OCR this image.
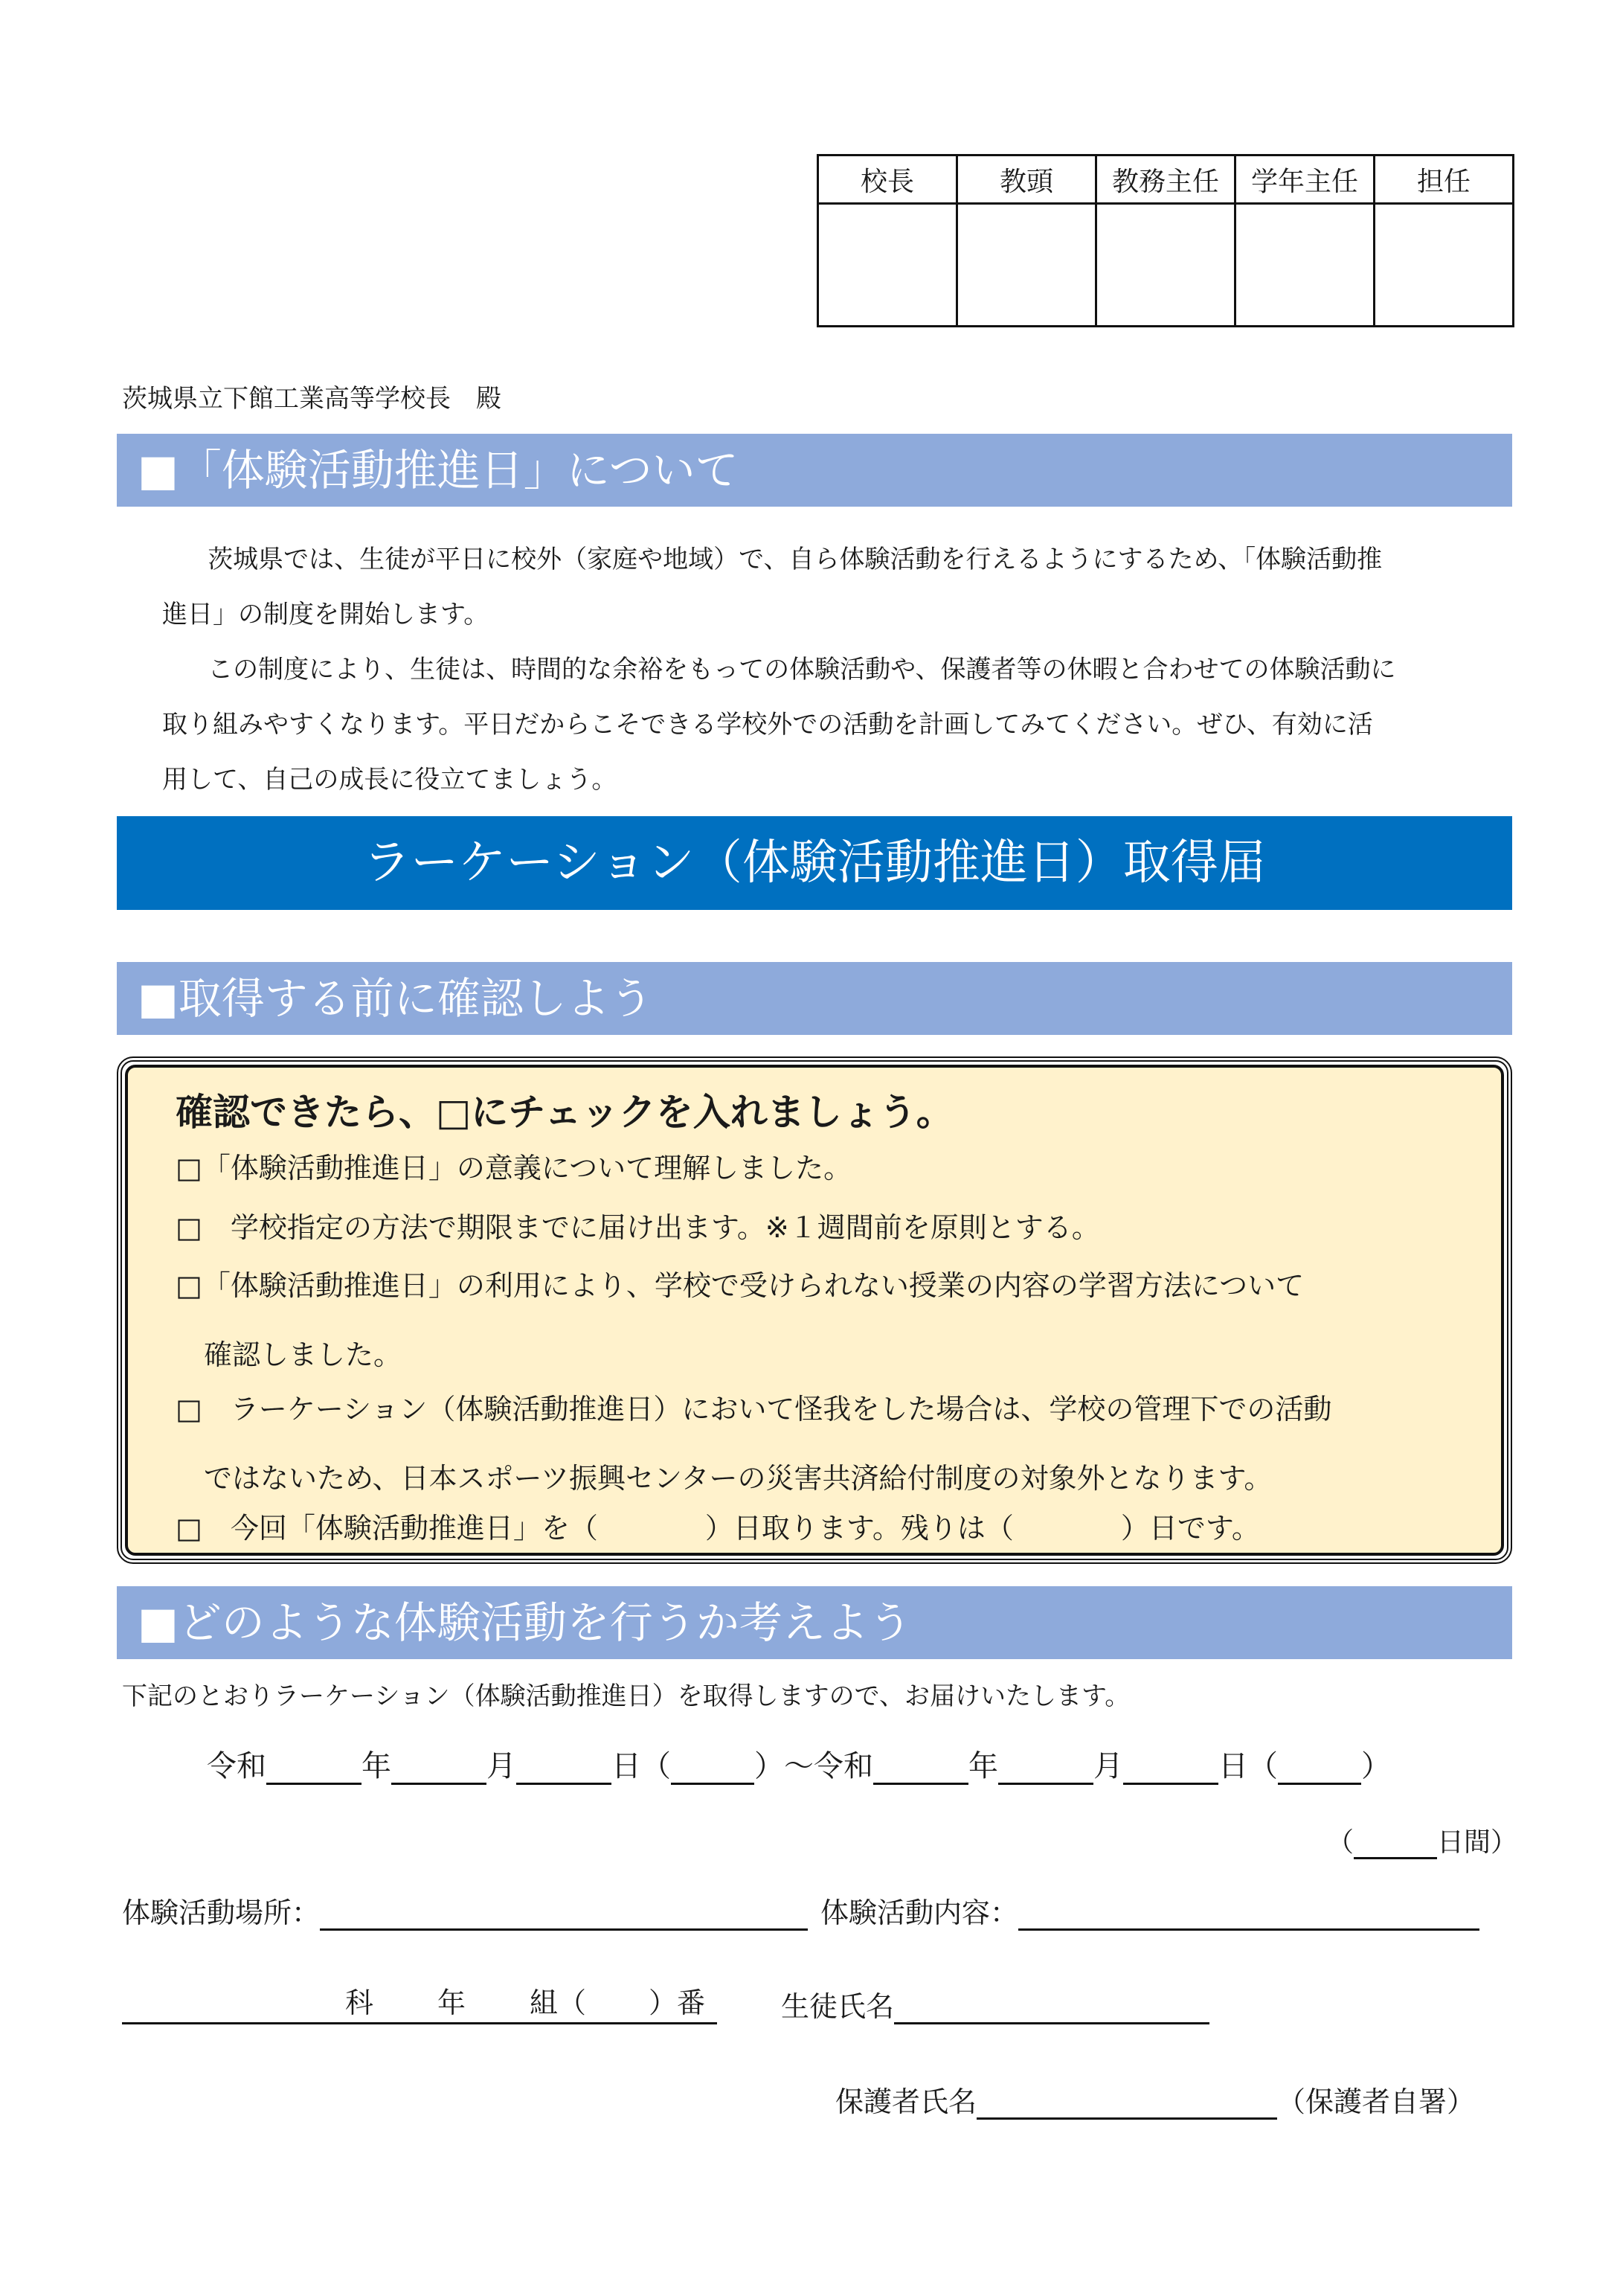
校長	教頭	教務主任	学年主任	担任

茨城県立下館工業高等学校長　殿
■「体験活動推進日」について

茨城県では、生徒が平日に校外（家庭や地域）で、自ら体験活動を行えるようにするため、「体験活動推

進日」の制度を開始します。

この制度により、生徒は、時間的な余裕をもっての体験活動や、保護者等の休暇と合わせての体験活動に

取り組みやすくなります。平日だからこそできる学校外での活動を計画してみてください。ぜひ、有効に活

用して、自己の成長に役立てましょう。

ラーケーション（体験活動推進日）取得届
■取得する前に確認しよう
確認できたら、□にチェックを入れましょう。
□「体験活動推進日」の意義について理解しました。
□　学校指定の方法で期限までに届け出ます。※１週間前を原則とする。
□「体験活動推進日」の利用により、学校で受けられない授業の内容の学習方法について
確認しました。
□　ラーケーション（体験活動推進日）において怪我をした場合は、学校の管理下での活動
ではないため、日本スポーツ振興センターの災害共済給付制度の対象外となります。
□　今回「体験活動推進日」を（	）日取ります。残りは（	）日です。
■どのような体験活動を行うか考えよう
下記のとおりラーケーション（体験活動推進日）を取得しますので、お届けいたします。
令和	年	月	日（	）～令和	年	月	日（	）
（	日間）
体験活動場所：	体験活動内容：
科 年 組（ ）番	生徒氏名
保護者氏名	（保護者自署）
